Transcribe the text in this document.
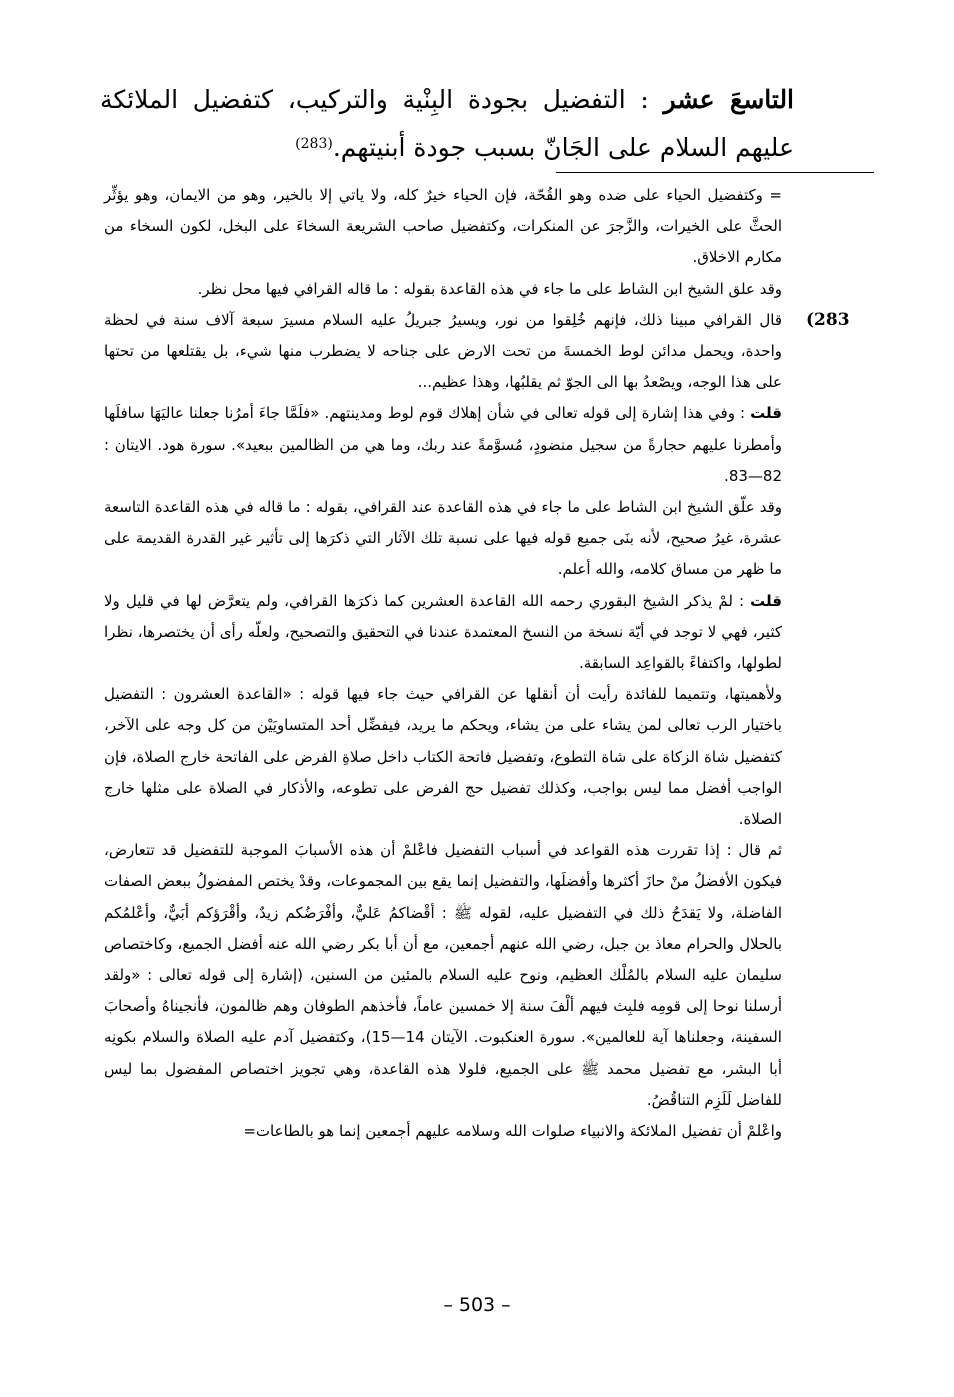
التاسعَ عشر : التفضيل بجودة البِنْية والتركيب، كتفضيل الملائكة عليهم السلام على الجَانّ بسبب جودة أبنيتهم.$^{(283)}$
(283

= وكتفضيل الحياء على ضده وهو القُحّة، فإن الحياء خيرٌ كله، ولا ياتي إلا بالخير، وهو من الايمان، وهو يؤثِّر الحثَّ على الخيرات، والزَّجرَ عن المنكرات، وكتفضيل صاحب الشريعة السخاءَ على البخل، لكون السخاء من مكارم الاخلاق.

وقد علق الشيخ ابن الشاط على ما جاء في هذه القاعدة بقوله : ما قاله القرافي فيها محل نظر.

قال القرافي مبينا ذلك، فإنهم خُلِقوا من نور، ويسيرُ جبريلُ عليه السلام مسيرَ سبعة آلاف سنة في لحظة واحدة، ويحمل مدائن لوط الخمسةَ من تحت الارض على جناحه لا يضطرب منها شيء، بل يقتلعها من تحتها على هذا الوجه، ويصْعدُ بها الى الجوّ ثم يقلبُها، وهذا عظيم...

قلت : وفي هذا إشارة إلى قوله تعالى في شأن إهلاك قوم لوط ومدينتهم. «فلَمَّا جاءَ أمرُنا جعلنا عاليَهَا سافلَها وأمطرنا عليهم حجارةً من سجيل منضودٍ، مُسوَّمةً عند ربك، وما هي من الظالمين ببعيد». سورة هود. الايتان : 82—83.

وقد علّق الشيخ ابن الشاط على ما جاء في هذه القاعدة عند القرافي، بقوله : ما قاله في هذه القاعدة التاسعة عشرة، غيرُ صحيح، لأنه بنَى جميع قوله فيها على نسبة تلك الآثار التي ذكرَها إلى تأثير غير القدرة القديمة على ما ظهر من مساق كلامه، والله أعلم.

قلت : لمْ يذكر الشيخ البقوري رحمه الله القاعدة العشرين كما ذكرَها القرافي، ولم يتعرَّض لها في قليل ولا كثير، فهي لا توجد في أيّة نسخة من النسخ المعتمدة عندنا في التحقيق والتصحيح، ولعلّه رأى أن يختصرها، نظرا لطولها، واكتفاءً بالقواعِد السابقة.

ولأهميتها، وتتميما للفائدة رأيت أن أنقلها عن القرافي حيث جاء فيها قوله : «القاعدة العشرون : التفضيل باختيار الرب تعالى لمن يشاء على من يشاء، ويحكم ما يريد، فيفضِّل أحد المتساويَيْن من كل وجه على الآخر، كتفضيل شاة الزكاة على شاة التطوع، وتفضيل فاتحة الكتاب داخل صلاةِ الفرض على الفاتحة خارج الصلاة، فإن الواجب أفضل مما ليس بواجب، وكذلك تفضيل حج الفرض على تطوعه، والأذكار في الصلاة على مثلها خارج الصلاة.

ثم قال : إذا تقررت هذه القواعد في أسباب التفضيل فاعْلمْ أن هذه الأسبابَ الموجبة للتفضيل قد تتعارض، فيكون الأفضلُ منْ حازَ أكثرها وأفضلَها، والتفضيل إنما يقع بين المجموعات، وقدْ يختص المفضولُ ببعض الصفات الفاضلة، ولا يَقدَحُ ذلك في التفضيل عليه، لقوله ﷺ : أقْضاكمُ عَليٌّ، وأفْرَضُكم زيدٌ، وأقْرَؤكم أبَيٌّ، وأعْلمُكم بالحلال والحرام معاذ بن جبل، رضي الله عنهم أجمعين، مع أن أبا بكر رضي الله عنه أفضل الجميع، وكاختصاص سليمان عليه السلام بالمُلْك العظيم، ونوح عليه السلام بالمئين من السنين، (إشارة إلى قوله تعالى : «ولقد أرسلنا نوحا إلى قومِه فلبِث فيهم ألْفَ سنة إلا خمسين عاماً، فأخذهم الطوفان وهم ظالمون، فأنجيناهُ وأصحابَ السفينة، وجعلناها آية للعالمين». سورة العنكبوت. الآيتان 14—15)، وكتفضيل آدم عليه الصلاة والسلام بكونِه أبا البشر، مع تفضيل محمد ﷺ على الجميع، فلولا هذه القاعدة، وهي تجويز اختصاص المفضول بما ليس للفاضل لَلَزِم التناقُضُ.

واعْلمْ أن تفضيل الملائكة والانبياء صلوات الله وسلامه عليهم أجمعين إنما هو بالطاعات=

– 503 –
